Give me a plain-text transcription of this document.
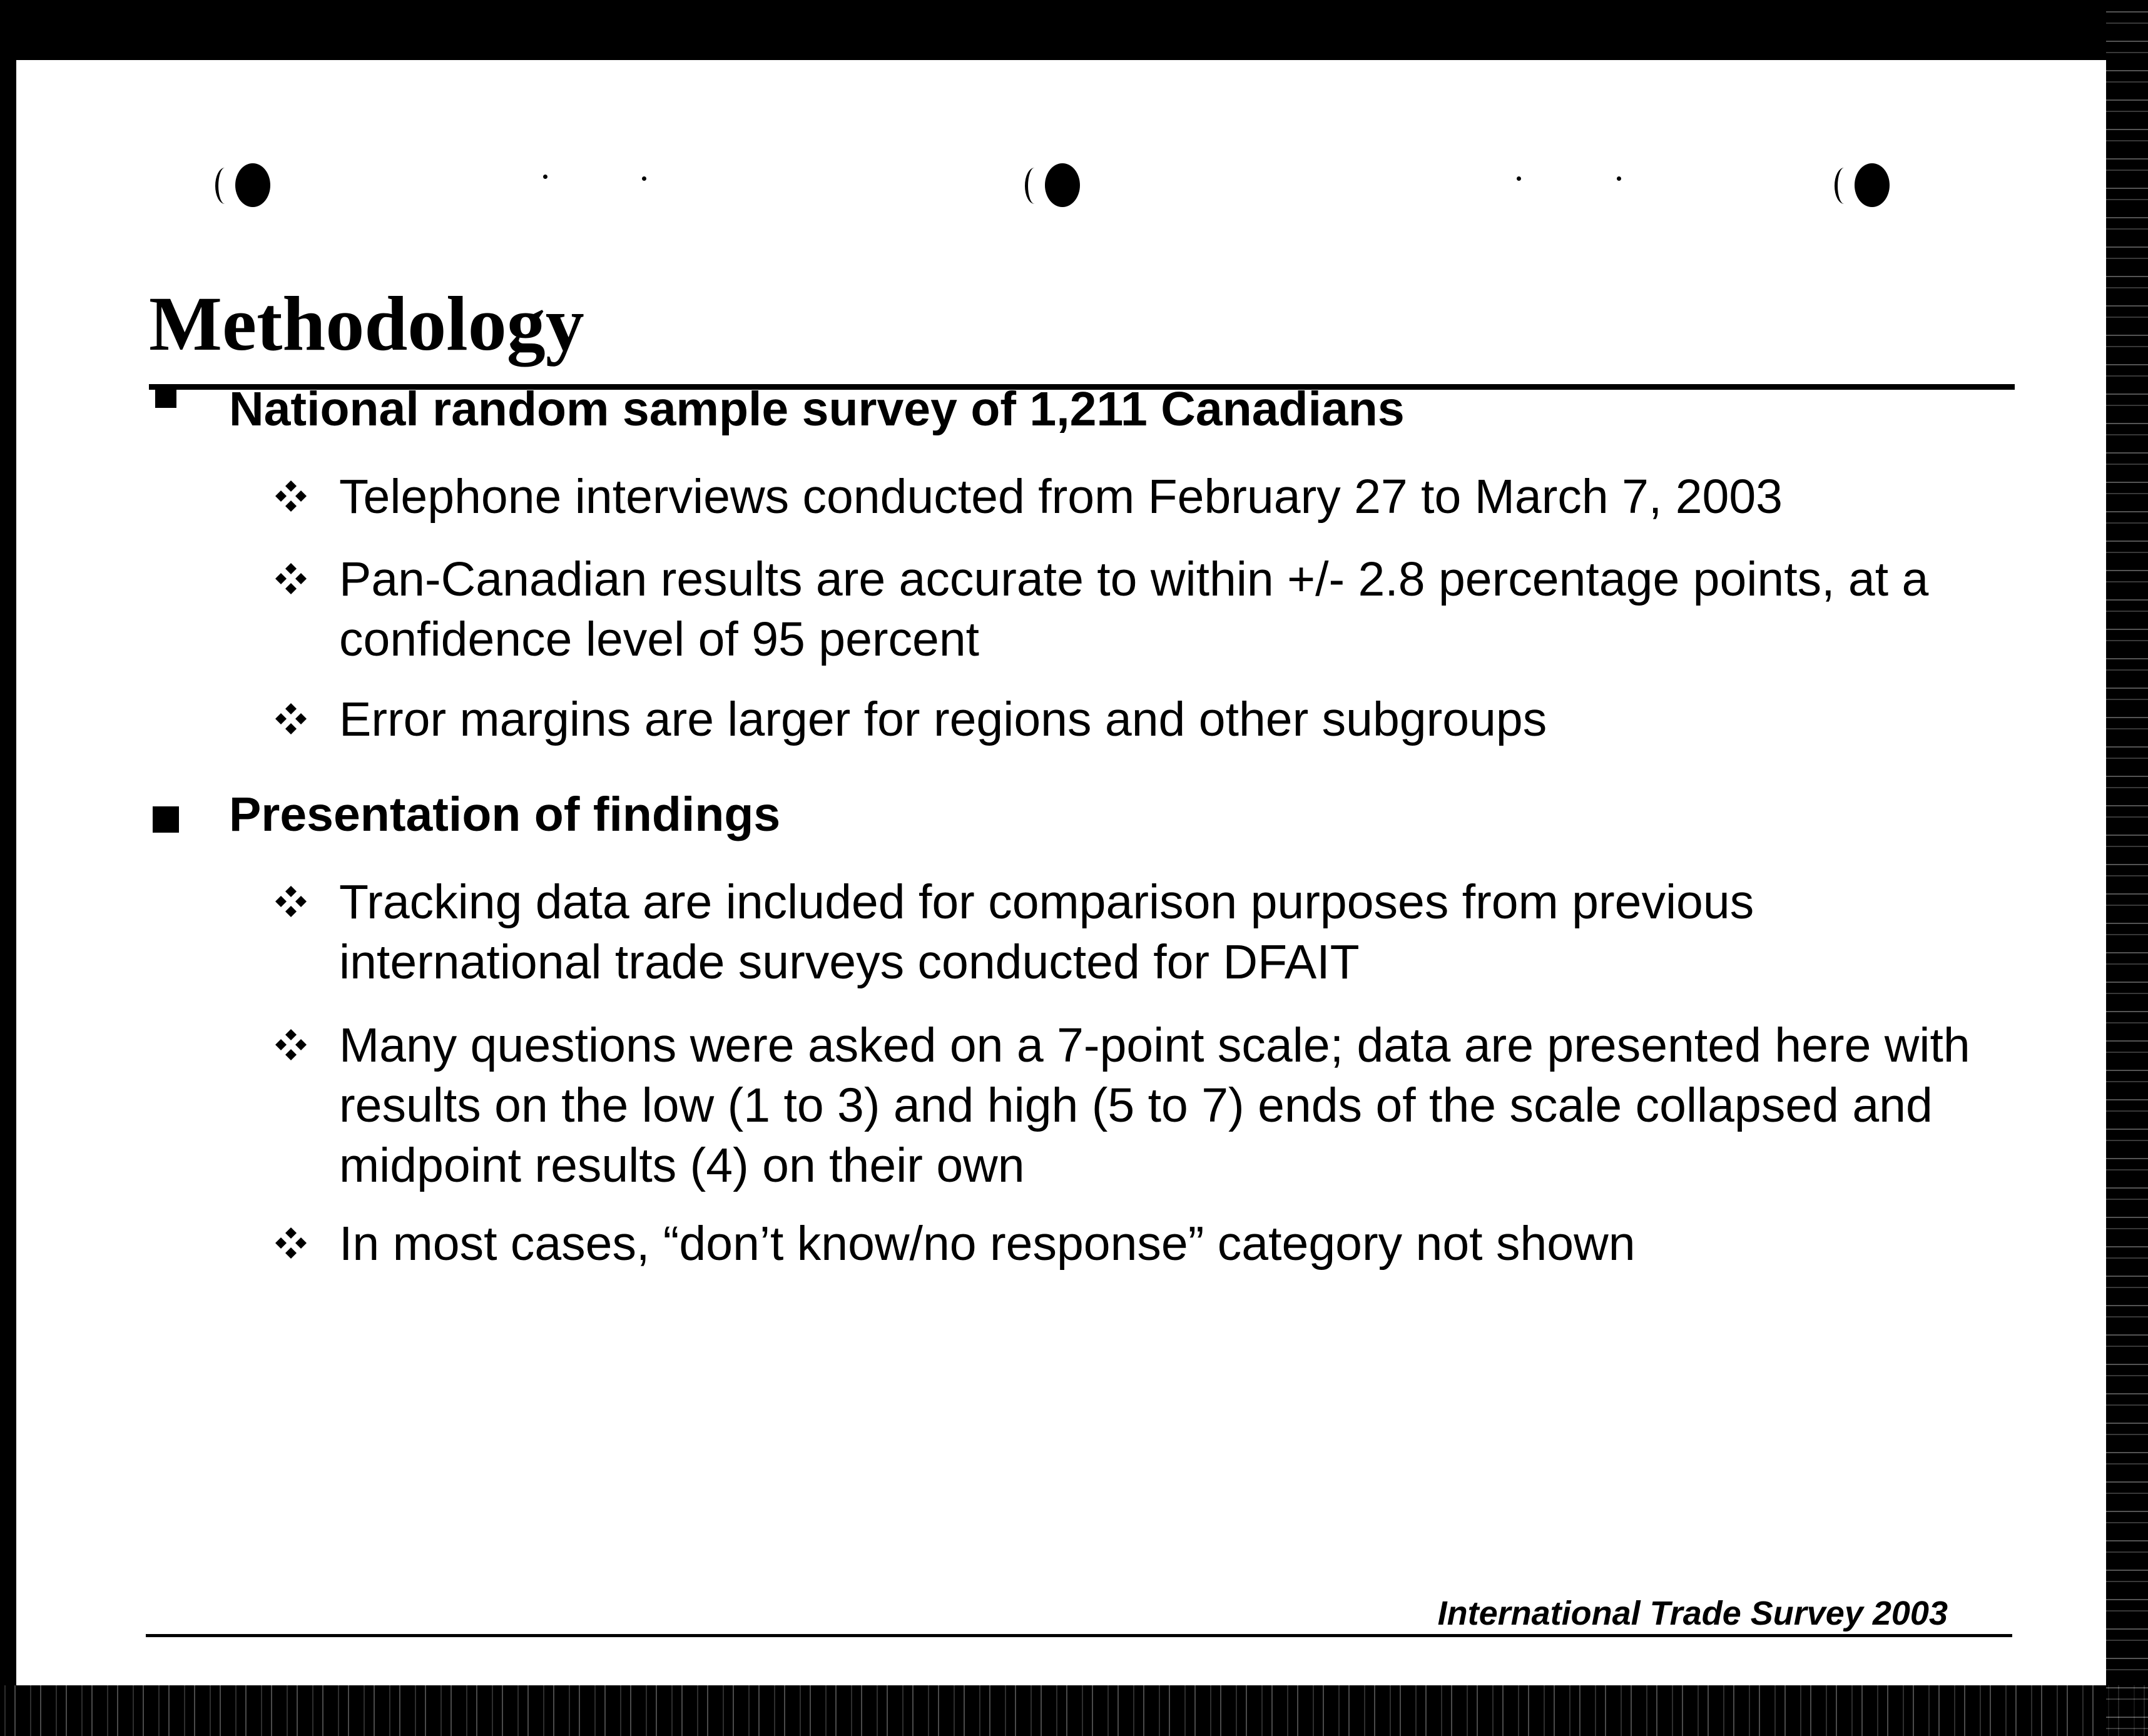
Methodology
National random sample survey of 1,211 Canadians
Telephone interviews conducted from February 27 to March 7, 2003
Pan-Canadian results are accurate to within +/- 2.8 percentage points, at a confidence level of 95 percent
Error margins are larger for regions and other subgroups
Presentation of findings
Tracking data are included for comparison purposes from previous international trade surveys conducted for DFAIT
Many questions were asked on a 7-point scale; data are presented here with results on the low (1 to 3) and high (5 to 7) ends of the scale collapsed and midpoint results (4) on their own
In most cases, “don’t know/no response” category not shown
International Trade Survey 2003
